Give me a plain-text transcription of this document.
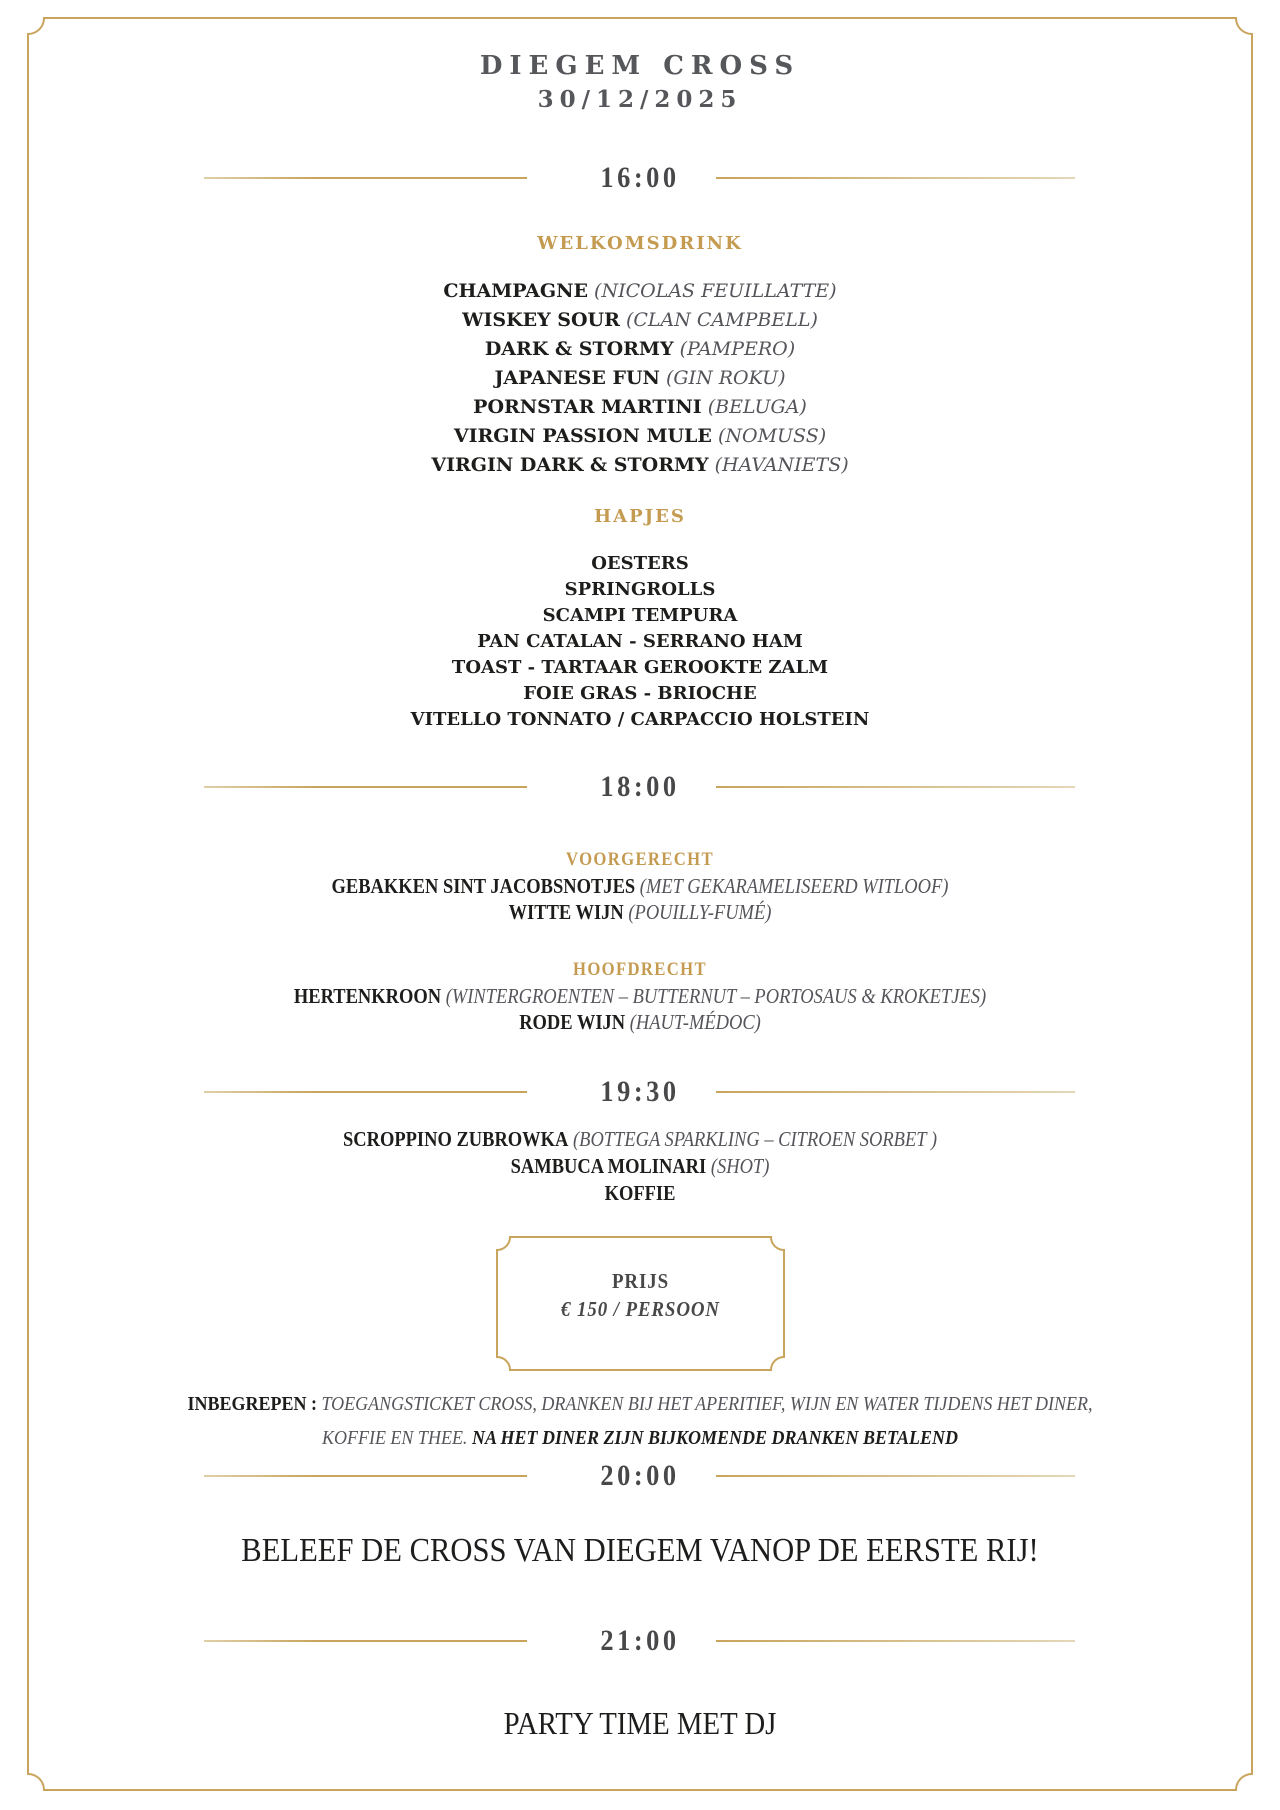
DIEGEM CROSS
30/12/2025
16:00
WELKOMSDRINK
CHAMPAGNE (NICOLAS FEUILLATTE)
WISKEY SOUR (CLAN CAMPBELL)
DARK & STORMY (PAMPERO)
JAPANESE FUN (GIN ROKU)
PORNSTAR MARTINI (BELUGA)
VIRGIN PASSION MULE (NOMUSS)
VIRGIN DARK & STORMY (HAVANIETS)
HAPJES
OESTERS
SPRINGROLLS
SCAMPI TEMPURA
PAN CATALAN - SERRANO HAM
TOAST - TARTAAR GEROOKTE ZALM
FOIE GRAS - BRIOCHE
VITELLO TONNATO / CARPACCIO HOLSTEIN
18:00
VOORGERECHT
GEBAKKEN SINT JACOBSNOTJES (MET GEKARAMELISEERD WITLOOF)
WITTE WIJN (POUILLY-FUMÉ)
HOOFDRECHT
HERTENKROON (WINTERGROENTEN – BUTTERNUT – PORTOSAUS & KROKETJES)
RODE WIJN (HAUT-MÉDOC)
19:30
SCROPPINO ZUBROWKA (BOTTEGA SPARKLING – CITROEN SORBET )
SAMBUCA MOLINARI (SHOT)
KOFFIE
PRIJS
€ 150 / PERSOON
INBEGREPEN : TOEGANGSTICKET CROSS, DRANKEN BIJ HET APERITIEF, WIJN EN WATER TIJDENS HET DINER,
KOFFIE EN THEE. NA HET DINER ZIJN BIJKOMENDE DRANKEN BETALEND
20:00
BELEEF DE CROSS VAN DIEGEM VANOP DE EERSTE RIJ!
21:00
PARTY TIME MET DJ
